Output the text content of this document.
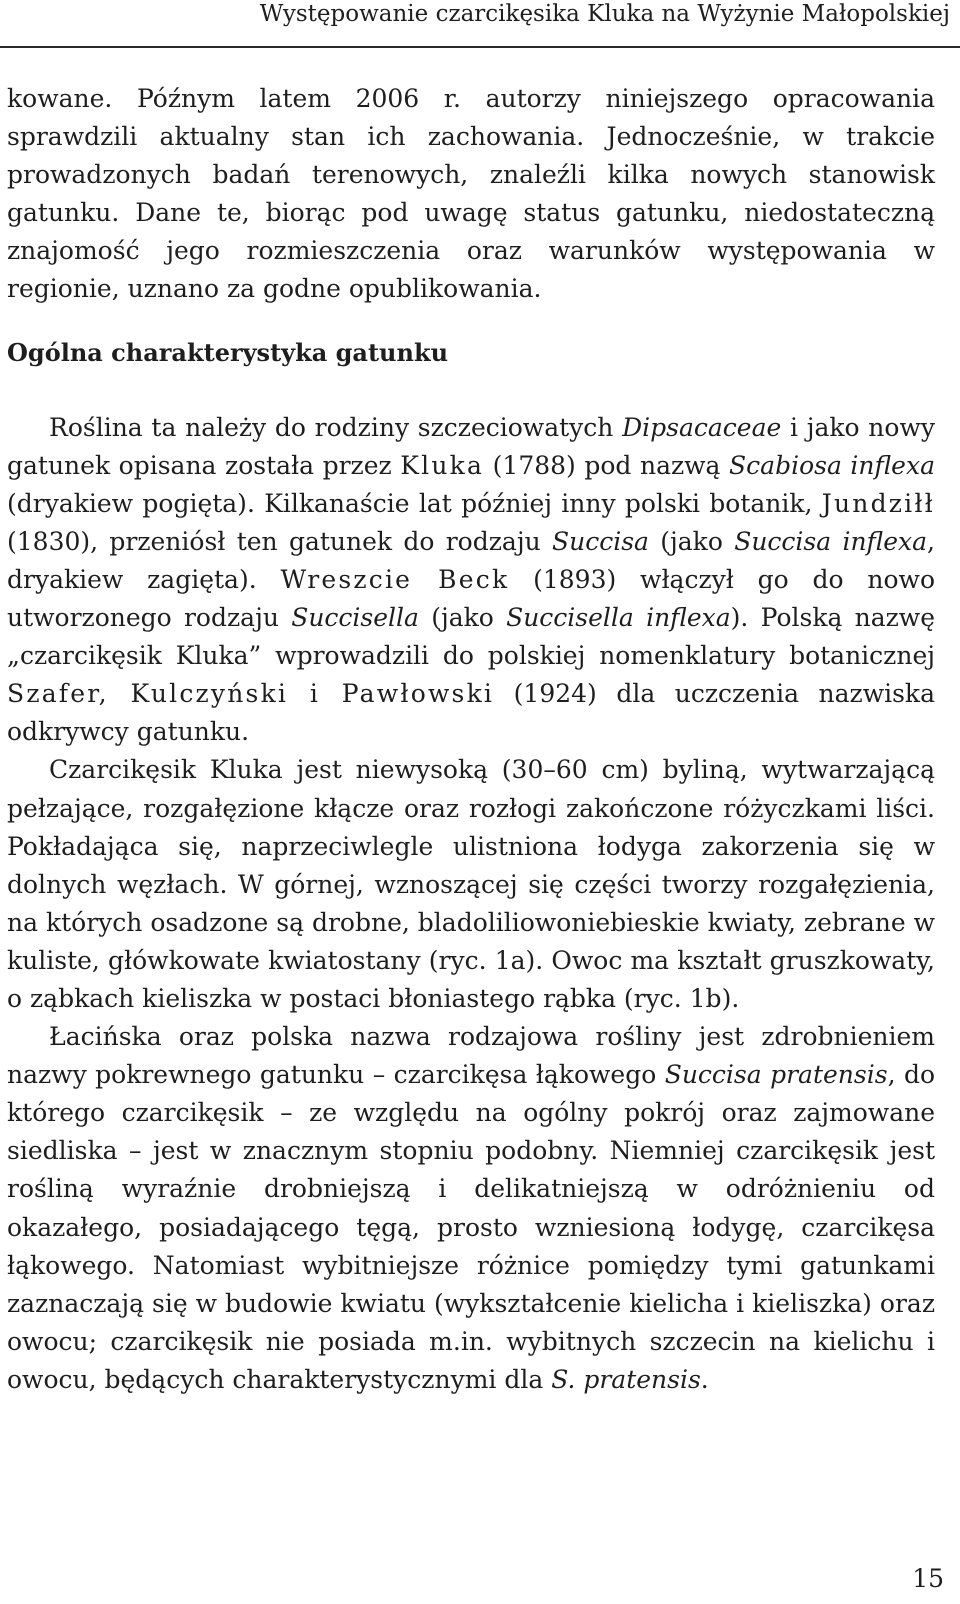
Występowanie czarcikęsika Kluka na Wyżynie Małopolskiej

kowane. Późnym latem 2006 r. autorzy niniejszego opracowania sprawdzili aktualny stan ich zachowania. Jednocześnie, w trakcie prowadzonych badań terenowych, znaleźli kilka nowych stanowisk gatunku. Dane te, biorąc pod uwagę status gatunku, niedostateczną znajomość jego rozmieszczenia oraz warunków występowania w regionie, uznano za godne opublikowania.

Ogólna charakterystyka gatunku

Roślina ta należy do rodziny szczeciowatych Dipsacaceae i jako nowy gatunek opisana została przez Kluka (1788) pod nazwą Scabiosa inflexa (dryakiew pogięta). Kilkanaście lat później inny polski botanik, Jundziłł (1830), przeniósł ten gatunek do rodzaju Succisa (jako Succisa inflexa, dryakiew zagięta). Wreszcie Beck (1893) włączył go do nowo utworzonego rodzaju Succisella (jako Succisella inflexa). Polską nazwę „czarcikęsik Kluka” wprowadzili do polskiej nomenklatury botanicznej Szafer, Kulczyński i Pawłowski (1924) dla uczczenia nazwiska odkrywcy gatunku.

Czarcikęsik Kluka jest niewysoką (30–60 cm) byliną, wytwarzającą pełzające, rozgałęzione kłącze oraz rozłogi zakończone różyczkami liści. Pokładająca się, naprzeciwlegle ulistniona łodyga zakorzenia się w dolnych węzłach. W górnej, wznoszącej się części tworzy rozgałęzienia, na których osadzone są drobne, bladoliliowoniebieskie kwiaty, zebrane w kuliste, główkowate kwiatostany (ryc. 1a). Owoc ma kształt gruszkowaty, o ząbkach kieliszka w postaci błoniastego rąbka (ryc. 1b).

Łacińska oraz polska nazwa rodzajowa rośliny jest zdrobnieniem nazwy pokrewnego gatunku – czarcikęsa łąkowego Succisa pratensis, do którego czarcikęsik – ze względu na ogólny pokrój oraz zajmowane siedliska – jest w znacznym stopniu podobny. Niemniej czarcikęsik jest rośliną wyraźnie drobniejszą i delikatniejszą w odróżnieniu od okazałego, posiadającego tęgą, prosto wzniesioną łodygę, czarcikęsa łąkowego. Natomiast wybitniejsze różnice pomiędzy tymi gatunkami zaznaczają się w budowie kwiatu (wykształcenie kielicha i kieliszka) oraz owocu; czarcikęsik nie posiada m.in. wybitnych szczecin na kielichu i owocu, będących charakterystycznymi dla S. pratensis.

15
